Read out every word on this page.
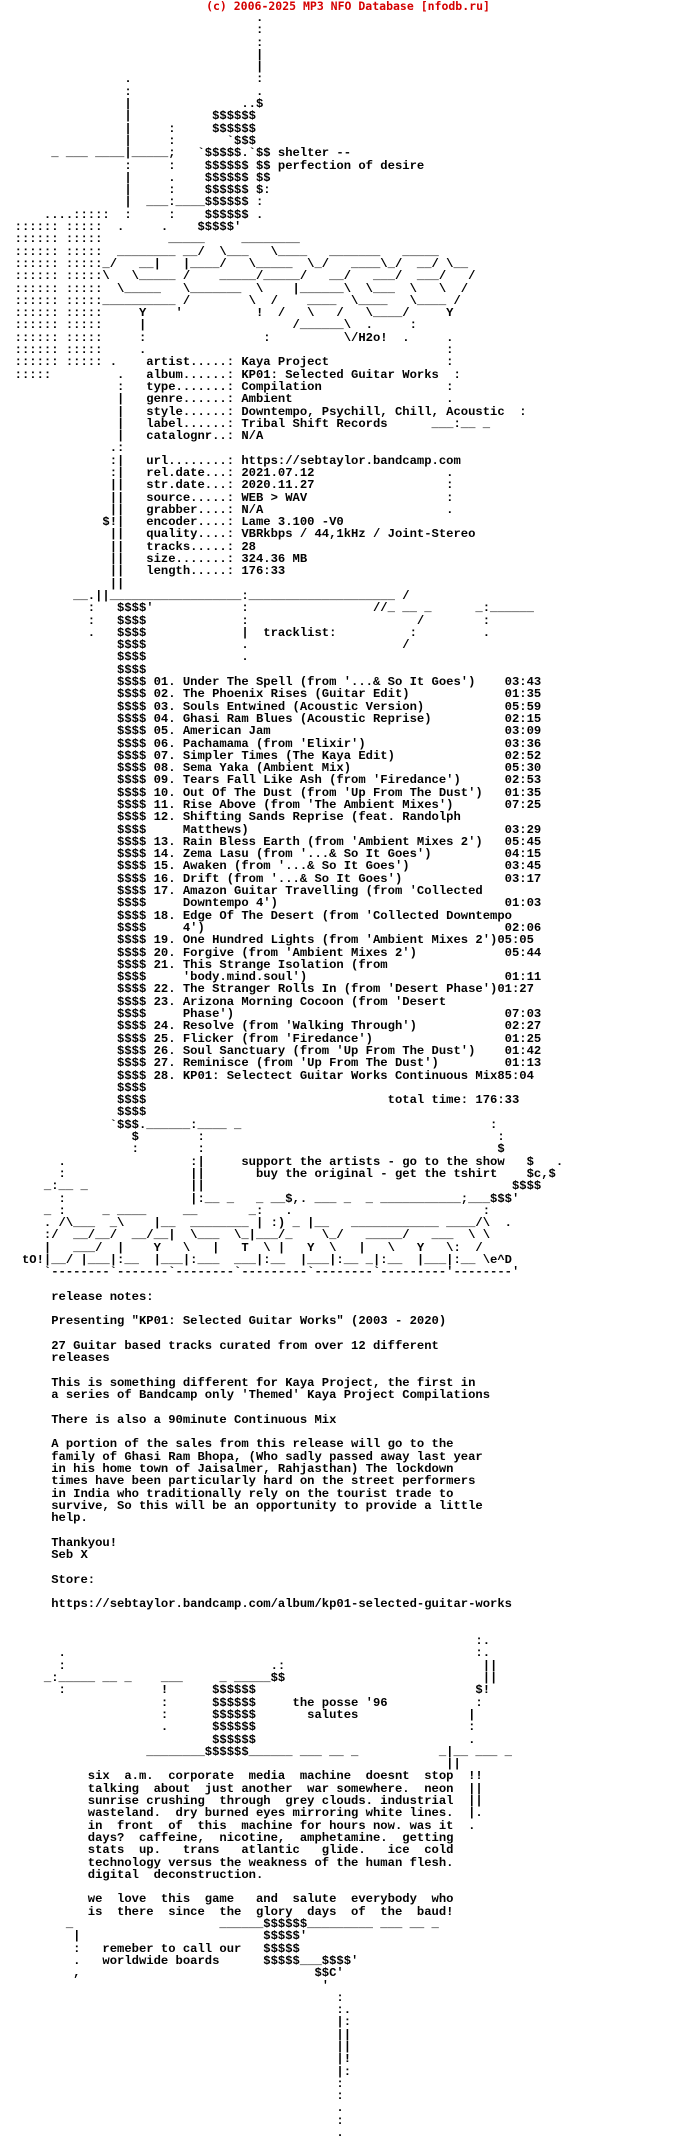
(c) 2006-2025 MP3 NFO Database [nfodb.ru]
.
:
:
|
|
.                 :
:                 .
|               ..$
|           $$$$$$
|     :     $$$$$$
|     :       `$$$
_ ___ ____|_____;   `$$$$$.`$$ shelter --
:     :    $$$$$$ $$ perfection of desire
|     .    $$$$$$ $$
|     :    $$$$$$ $:
|  ___:____$$$$$$ :
....:::::  :     :    $$$$$$ .
:::::: :::::  .     .    $$$$$'
:::::: :::::         _____     ________
:::::: :::::  ________ __/  \___   \____   _______   _____
:::::: :::::_/   __|   |____/   \_____  \_/   ____\_/  __/ \__
:::::: :::::\   \_____ /    _____/_____/   __/   ___/  ___/   /
:::::: :::::  \_____   \_______  \    |______\  \___  \   \  /
:::::: :::::__________ /        \  /    ____  \____   \____ /
:::::: :::::     Y    '          !  /   \   /   \____/     Y
:::::: :::::     |                    /______\  .     :
:::::: :::::     :                :          \/H2o!  .     .
:::::: :::::     .                                         :
:::::: ::::: .    artist.....: Kaya Project                :
:::::         .   album......: KP01: Selected Guitar Works  :
:   type.......: Compilation                 :
|   genre......: Ambient                     .
|   style......: Downtempo, Psychill, Chill, Acoustic  :
|   label......: Tribal Shift Records      ___:__ _
|   catalognr..: N/A
.:
:|   url........: https://sebtaylor.bandcamp.com
:|   rel.date...: 2021.07.12                  .
||   str.date...: 2020.11.27                  :
||   source.....: WEB > WAV                   :
||   grabber....: N/A                         .
$!|   encoder....: Lame 3.100 -V0
||   quality....: VBRkbps / 44,1kHz / Joint-Stereo
||   tracks.....: 28
||   size.......: 324.36 MB
||   length.....: 176:33
||
__.||__________________:____________________ /
:   $$$$'            :                 //_ __ _      _:______
:   $$$$             :                       /        :
.   $$$$             |  tracklist:          :         .
$$$$             .                     /
$$$$             .
$$$$
$$$$ 01. Under The Spell (from '...& So It Goes')    03:43
$$$$ 02. The Phoenix Rises (Guitar Edit)             01:35
$$$$ 03. Souls Entwined (Acoustic Version)           05:59
$$$$ 04. Ghasi Ram Blues (Acoustic Reprise)          02:15
$$$$ 05. American Jam                                03:09
$$$$ 06. Pachamama (from 'Elixir')                   03:36
$$$$ 07. Simpler Times (The Kaya Edit)               02:52
$$$$ 08. Sema Yaka (Ambient Mix)                     05:30
$$$$ 09. Tears Fall Like Ash (from 'Firedance')      02:53
$$$$ 10. Out Of The Dust (from 'Up From The Dust')   01:35
$$$$ 11. Rise Above (from 'The Ambient Mixes')       07:25
$$$$ 12. Shifting Sands Reprise (feat. Randolph
$$$$     Matthews)                                   03:29
$$$$ 13. Rain Bless Earth (from 'Ambient Mixes 2')   05:45
$$$$ 14. Zema Lasu (from '...& So It Goes')          04:15
$$$$ 15. Awaken (from '...& So It Goes')             03:45
$$$$ 16. Drift (from '...& So It Goes')              03:17
$$$$ 17. Amazon Guitar Travelling (from 'Collected
$$$$     Downtempo 4')                               01:03
$$$$ 18. Edge Of The Desert (from 'Collected Downtempo
$$$$     4')                                         02:06
$$$$ 19. One Hundred Lights (from 'Ambient Mixes 2')05:05
$$$$ 20. Forgive (from 'Ambient Mixes 2')            05:44
$$$$ 21. This Strange Isolation (from
$$$$     'body.mind.soul')                           01:11
$$$$ 22. The Stranger Rolls In (from 'Desert Phase')01:27
$$$$ 23. Arizona Morning Cocoon (from 'Desert
$$$$     Phase')                                     07:03
$$$$ 24. Resolve (from 'Walking Through')            02:27
$$$$ 25. Flicker (from 'Firedance')                  01:25
$$$$ 26. Soul Sanctuary (from 'Up From The Dust')    01:42
$$$$ 27. Reminisce (from 'Up From The Dust')         01:13
$$$$ 28. KP01: Selectect Guitar Works Continuous Mix85:04
$$$$
$$$$                                 total time: 176:33
$$$$
`$$$.______:____ _                                  :
$        :                                        :
:        :                                        $
.                 :|     support the artists - go to the show   $   .
:                 ||       buy the original - get the tshirt    $c,$
_:__ _              ||                                          $$$$
:                 |:__ _   _ __$,. ___ _  _ ___________;___$$$'
_ :     _ ____     __       _:   .                          :
. /\___  _\    |__  ________ | :) _ |__   ____________ ____/\  .
:/  __/__/  __/__|  \___  \_|___/_    \_/   _____/   ___  \ \
|   ___/  |    Y   \   |   T  \ |   Y  \   |   \   Y   \:  /
tO!|__/ |___|:__  |___|:___  ___|:__  |___|:__ _|:__  |___|:__ \e^D
`--------`-------`--------`---------`--------`---------'--------'

release notes:

Presenting "KP01: Selected Guitar Works" (2003 - 2020)

27 Guitar based tracks curated from over 12 different
releases

This is something different for Kaya Project, the first in
a series of Bandcamp only 'Themed' Kaya Project Compilations

There is also a 90minute Continuous Mix

A portion of the sales from this release will go to the
family of Ghasi Ram Bhopa, (Who sadly passed away last year
in his home town of Jaisalmer, Rahjasthan) The lockdown
times have been particularly hard on the street performers
in India who traditionally rely on the tourist trade to
survive, So this will be an opportunity to provide a little
help.

Thankyou!
Seb X

Store:

https://sebtaylor.bandcamp.com/album/kp01-selected-guitar-works

:.
.                                                        :.
:                            .:                           ||
_:_____ __ _    ___     _ _____$$                           ||
:             !      $$$$$$                              $!
:      $$$$$$     the posse '96            :
:      $$$$$$       salutes               |
.      $$$$$$                             :
$$$$$$                             .
________$$$$$$______ ___ __ _           _|__ ___ _
||
six  a.m.  corporate  media  machine  doesnt  stop  !!
talking  about  just another  war somewhere.  neon  ||
sunrise crushing  through  grey clouds. industrial  ||
wasteland.  dry burned eyes mirroring white lines.  |.
in  front  of  this  machine for hours now. was it  .
days?  caffeine,  nicotine,  amphetamine.  getting
stats  up.   trans   atlantic   glide.   ice  cold
technology versus the weakness of the human flesh.
digital  deconstruction.

we  love  this  game   and  salute  everybody  who
is  there  since  the  glory  days  of  the  baud!
_                    ______$$$$$$_________ ___ __ _
|                         $$$$$'
:   remeber to call our   $$$$$
.   worldwide boards      $$$$$___$$$$'
,                                $$C'
'
:
:.
|:
||
||
|!
|:
:
:
.
:
.
